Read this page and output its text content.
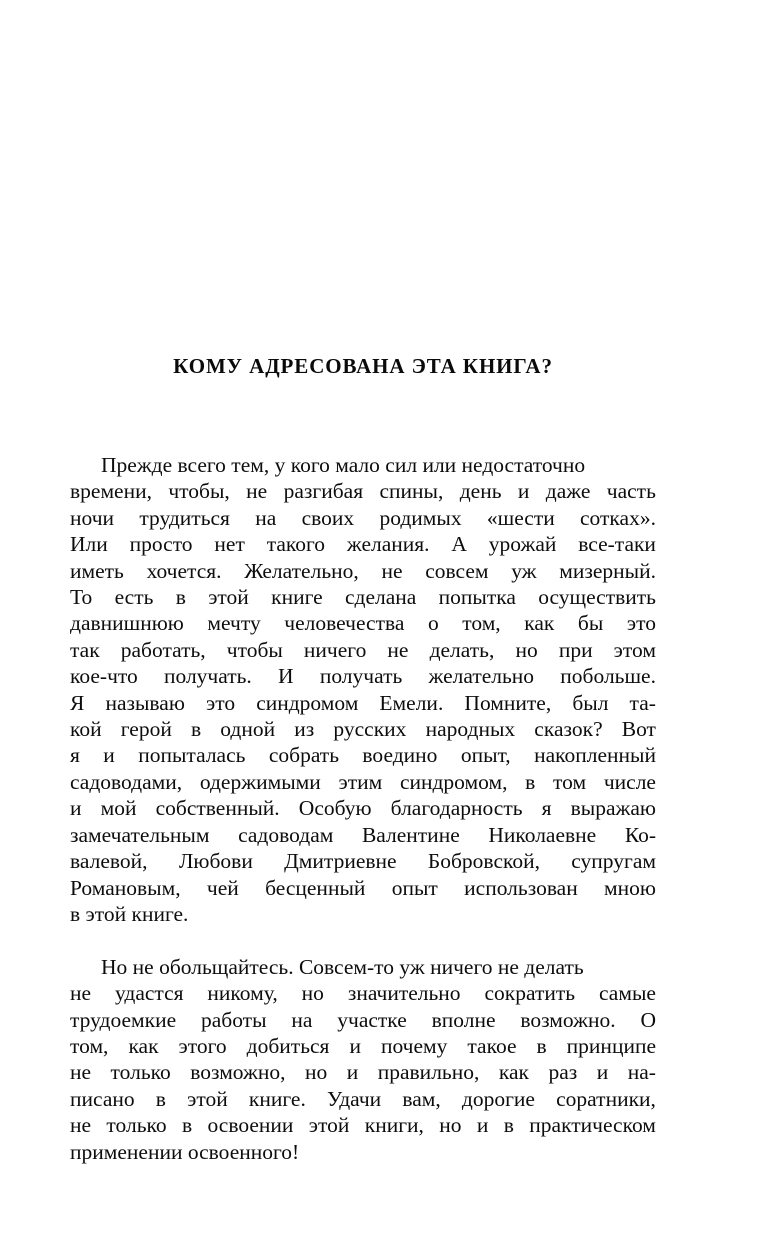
КОМУ АДРЕСОВАНА ЭТА КНИГА?

Прежде всего тем, у кого мало сил или недостаточно
времени, чтобы, не разгибая спины, день и даже часть
ночи трудиться на своих родимых «шести сотках».
Или просто нет такого желания. А урожай все-таки
иметь хочется. Желательно, не совсем уж мизерный.
То есть в этой книге сделана попытка осуществить
давнишнюю мечту человечества о том, как бы это
так работать, чтобы ничего не делать, но при этом
кое-что получать. И получать желательно побольше.
Я называю это синдромом Емели. Помните, был та-
кой герой в одной из русских народных сказок? Вот
я и попыталась собрать воедино опыт, накопленный
садоводами, одержимыми этим синдромом, в том числе
и мой собственный. Особую благодарность я выражаю
замечательным садоводам Валентине Николаевне Ко-
валевой, Любови Дмитриевне Бобровской, супругам
Романовым, чей бесценный опыт использован мною
в этой книге.

Но не обольщайтесь. Совсем-то уж ничего не делать
не удастся никому, но значительно сократить самые
трудоемкие работы на участке вполне возможно. О
том, как этого добиться и почему такое в принципе
не только возможно, но и правильно, как раз и на-
писано в этой книге. Удачи вам, дорогие соратники,
не только в освоении этой книги, но и в практическом
применении освоенного!
